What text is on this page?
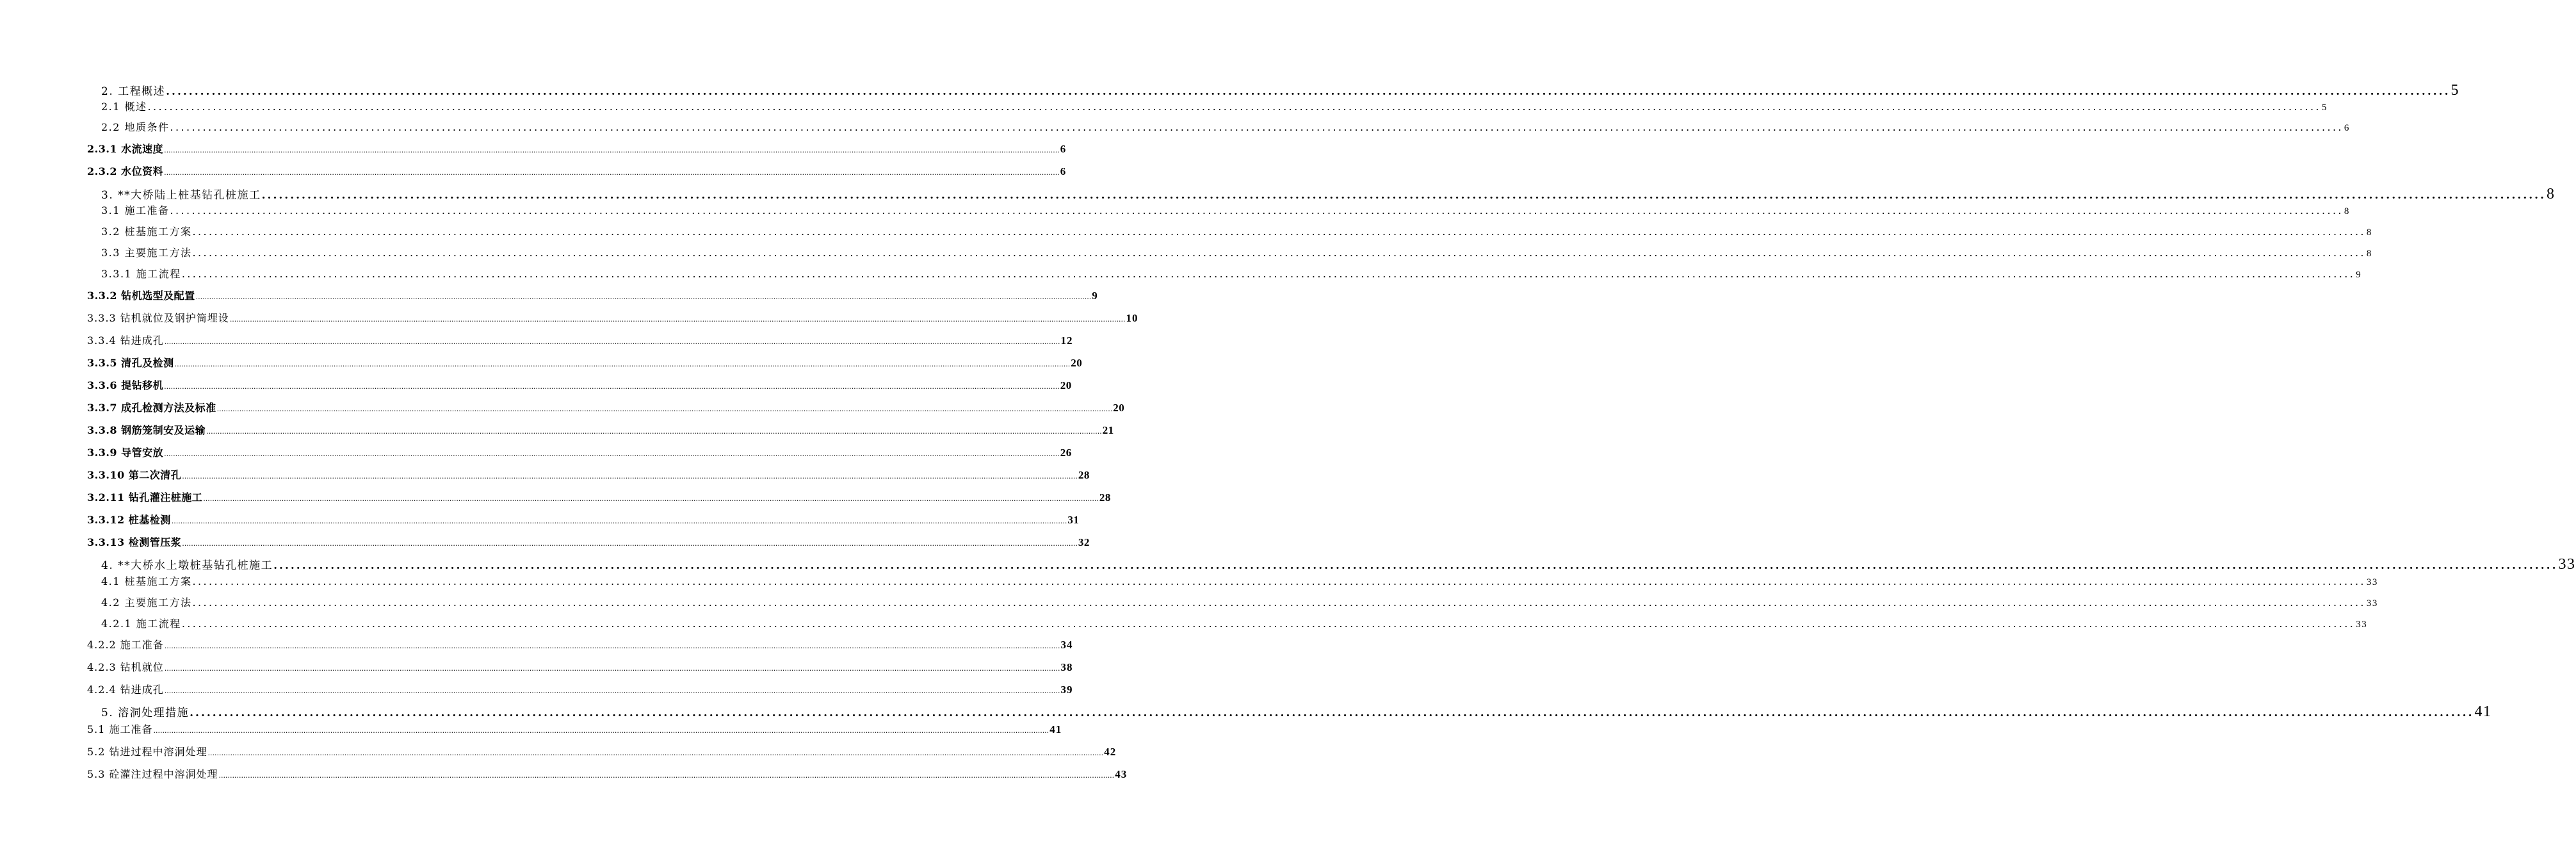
2. 工程概述 ................................................................................................................................................................................................................................................................................................................................................................................................................ 5
2.1 概述 ................................................................................................................................................................................................................................................................................................................................................................................................................ 5
2.2 地质条件 ................................................................................................................................................................................................................................................................................................................................................................................................................ 6
2.3.1 水流速度 ................................................................................................................................................................................................................................................................................................................................................................................................................ 6
2.3.2 水位资料 ................................................................................................................................................................................................................................................................................................................................................................................................................ 6
3. **大桥陆上桩基钻孔桩施工 ................................................................................................................................................................................................................................................................................................................................................................................................................ 8
3.1 施工准备 ................................................................................................................................................................................................................................................................................................................................................................................................................ 8
3.2 桩基施工方案 ................................................................................................................................................................................................................................................................................................................................................................................................................ 8
3.3 主要施工方法 ................................................................................................................................................................................................................................................................................................................................................................................................................ 8
3.3.1 施工流程 ................................................................................................................................................................................................................................................................................................................................................................................................................ 9
3.3.2 钻机选型及配置 ................................................................................................................................................................................................................................................................................................................................................................................................................ 9
3.3.3 钻机就位及钢护筒埋设 ................................................................................................................................................................................................................................................................................................................................................................................................................ 10
3.3.4 钻进成孔 ................................................................................................................................................................................................................................................................................................................................................................................................................ 12
3.3.5 清孔及检测 ................................................................................................................................................................................................................................................................................................................................................................................................................ 20
3.3.6 提钻移机 ................................................................................................................................................................................................................................................................................................................................................................................................................ 20
3.3.7 成孔检测方法及标准 ................................................................................................................................................................................................................................................................................................................................................................................................................ 20
3.3.8 钢筋笼制安及运输 ................................................................................................................................................................................................................................................................................................................................................................................................................ 21
3.3.9 导管安放 ................................................................................................................................................................................................................................................................................................................................................................................................................ 26
3.3.10 第二次清孔 ................................................................................................................................................................................................................................................................................................................................................................................................................ 28
3.2.11 钻孔灌注桩施工 ................................................................................................................................................................................................................................................................................................................................................................................................................ 28
3.3.12 桩基检测 ................................................................................................................................................................................................................................................................................................................................................................................................................ 31
3.3.13 检测管压浆 ................................................................................................................................................................................................................................................................................................................................................................................................................ 32
4. **大桥水上墩桩基钻孔桩施工 ................................................................................................................................................................................................................................................................................................................................................................................................................ 33
4.1 桩基施工方案 ................................................................................................................................................................................................................................................................................................................................................................................................................ 33
4.2 主要施工方法 ................................................................................................................................................................................................................................................................................................................................................................................................................ 33
4.2.1 施工流程 ................................................................................................................................................................................................................................................................................................................................................................................................................ 33
4.2.2 施工准备 ................................................................................................................................................................................................................................................................................................................................................................................................................ 34
4.2.3 钻机就位 ................................................................................................................................................................................................................................................................................................................................................................................................................ 38
4.2.4 钻进成孔 ................................................................................................................................................................................................................................................................................................................................................................................................................ 39
5. 溶洞处理措施 ................................................................................................................................................................................................................................................................................................................................................................................................................ 41
5.1 施工准备 ................................................................................................................................................................................................................................................................................................................................................................................................................ 41
5.2 钻进过程中溶洞处理 ................................................................................................................................................................................................................................................................................................................................................................................................................ 42
5.3 砼灌注过程中溶洞处理 ................................................................................................................................................................................................................................................................................................................................................................................................................ 43
